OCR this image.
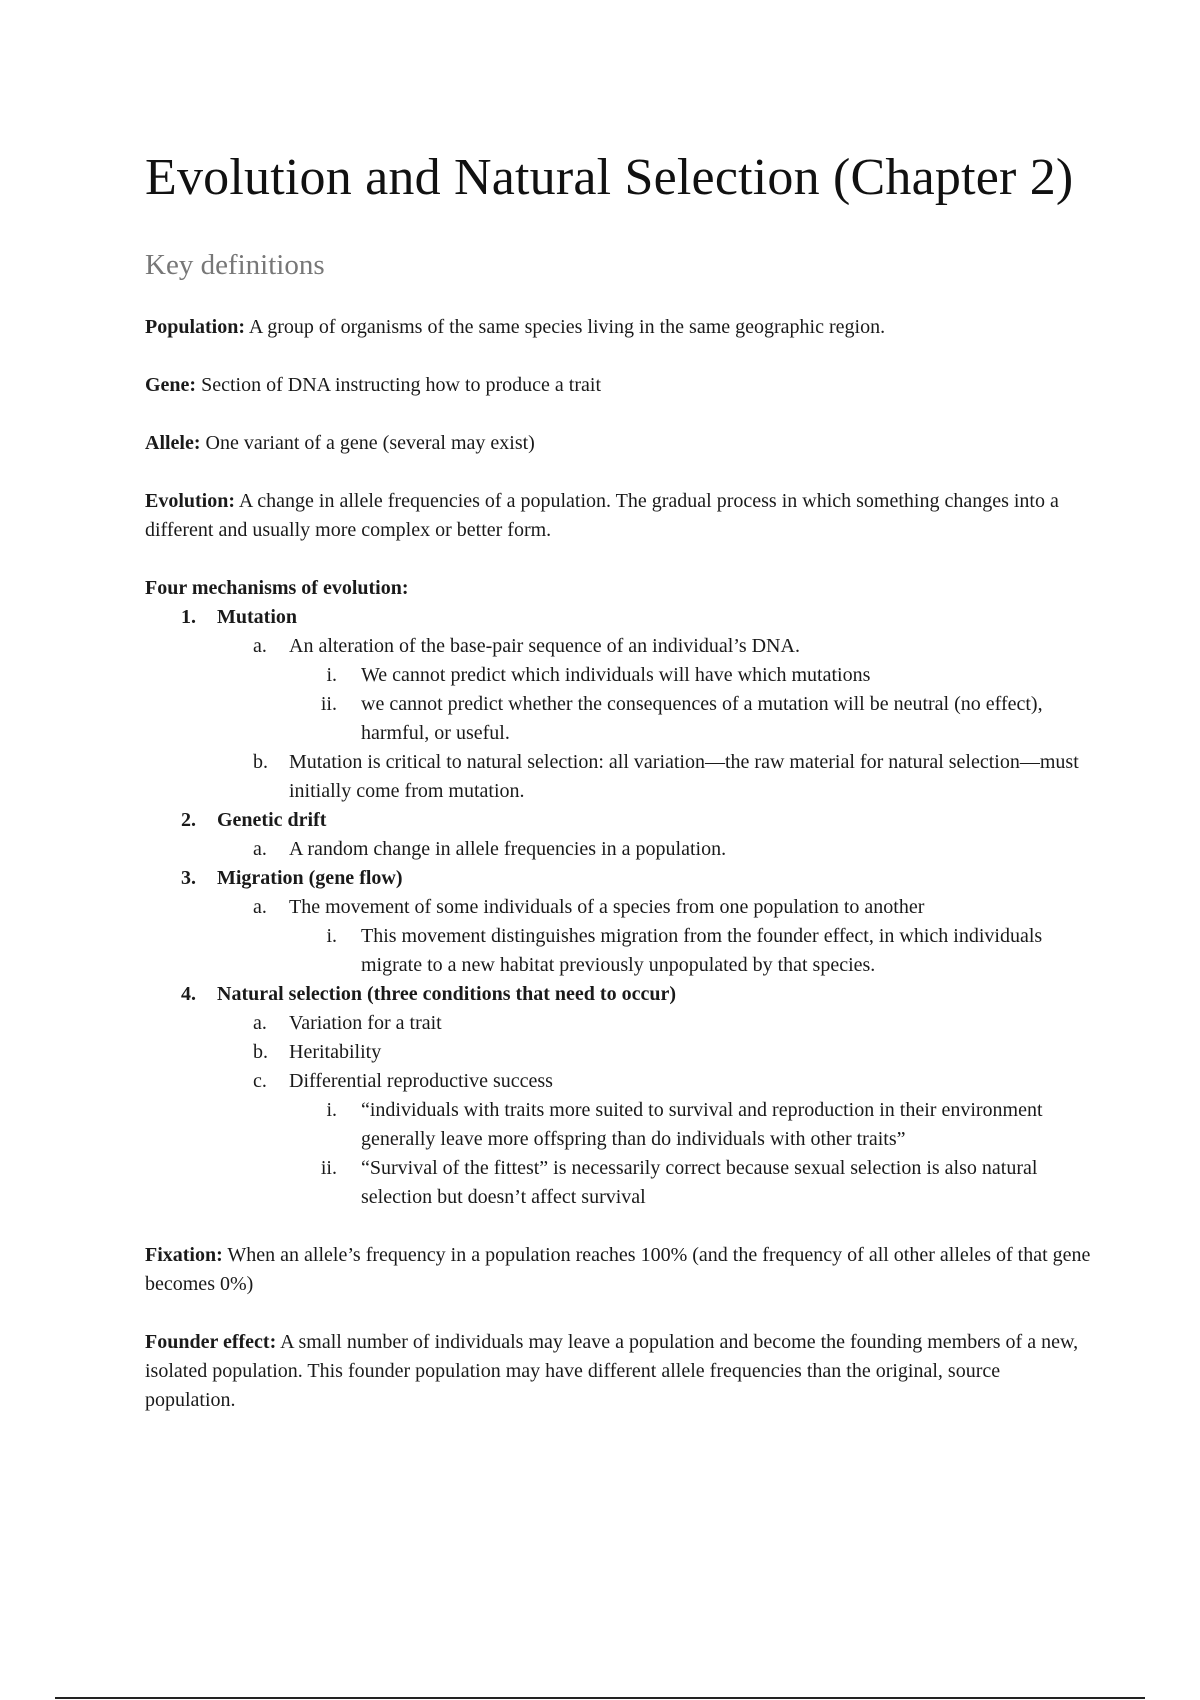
Evolution and Natural Selection (Chapter 2)
Key definitions

Population: A group of organisms of the same species living in the same geographic region.

Gene: Section of DNA instructing how to produce a trait

Allele: One variant of a gene (several may exist)

Evolution: A change in allele frequencies of a population. The gradual process in which something changes into a different and usually more complex or better form.

Four mechanisms of evolution:

1. Mutation
a.	An alteration of the base-pair sequence of an individual’s DNA.
i. We cannot predict which individuals will have which mutations
ii. we cannot predict whether the consequences of a mutation will be neutral (no effect), harmful, or useful.
b.	Mutation is critical to natural selection: all variation—the raw material for natural selection—must initially come from mutation.
2. Genetic drift
a.	A random change in allele frequencies in a population.
3. Migration (gene flow)
a.	The movement of some individuals of a species from one population to another
i. This movement distinguishes migration from the founder effect, in which individuals migrate to a new habitat previously unpopulated by that species.
4. Natural selection (three conditions that need to occur)
a.	Variation for a trait
b.	Heritability
c.	Differential reproductive success
i. “individuals with traits more suited to survival and reproduction in their environment generally leave more offspring than do individuals with other traits”
ii. “Survival of the fittest” is necessarily correct because sexual selection is also natural selection but doesn’t affect survival

Fixation: When an allele’s frequency in a population reaches 100% (and the frequency of all other alleles of that gene becomes 0%)

Founder effect: A small number of individuals may leave a population and become the founding members of a new, isolated population. This founder population may have different allele frequencies than the original, source population.
